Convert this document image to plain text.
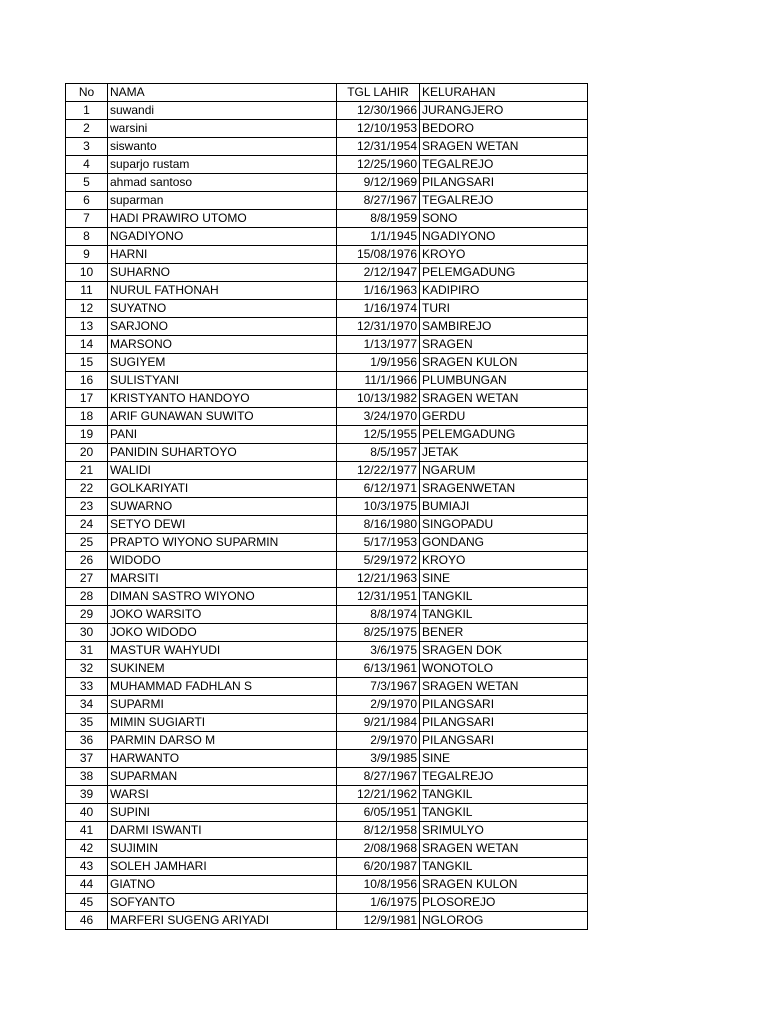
No	NAMA	TGL LAHIR	KELURAHAN
1	suwandi	12/30/1966	JURANGJERO
2	warsini	12/10/1953	BEDORO
3	siswanto	12/31/1954	SRAGEN WETAN
4	suparjo rustam	12/25/1960	TEGALREJO
5	ahmad santoso	9/12/1969	PILANGSARI
6	suparman	8/27/1967	TEGALREJO
7	HADI PRAWIRO UTOMO	8/8/1959	SONO
8	NGADIYONO	1/1/1945	NGADIYONO
9	HARNI	15/08/1976	KROYO
10	SUHARNO	2/12/1947	PELEMGADUNG
11	NURUL FATHONAH	1/16/1963	KADIPIRO
12	SUYATNO	1/16/1974	TURI
13	SARJONO	12/31/1970	SAMBIREJO
14	MARSONO	1/13/1977	SRAGEN
15	SUGIYEM	1/9/1956	SRAGEN KULON
16	SULISTYANI	11/1/1966	PLUMBUNGAN
17	KRISTYANTO HANDOYO	10/13/1982	SRAGEN WETAN
18	ARIF GUNAWAN SUWITO	3/24/1970	GERDU
19	PANI	12/5/1955	PELEMGADUNG
20	PANIDIN SUHARTOYO	8/5/1957	JETAK
21	WALIDI	12/22/1977	NGARUM
22	GOLKARIYATI	6/12/1971	SRAGENWETAN
23	SUWARNO	10/3/1975	BUMIAJI
24	SETYO DEWI	8/16/1980	SINGOPADU
25	PRAPTO WIYONO SUPARMIN	5/17/1953	GONDANG
26	WIDODO	5/29/1972	KROYO
27	MARSITI	12/21/1963	SINE
28	DIMAN SASTRO WIYONO	12/31/1951	TANGKIL
29	JOKO WARSITO	8/8/1974	TANGKIL
30	JOKO WIDODO	8/25/1975	BENER
31	MASTUR WAHYUDI	3/6/1975	SRAGEN DOK
32	SUKINEM	6/13/1961	WONOTOLO
33	MUHAMMAD FADHLAN S	7/3/1967	SRAGEN WETAN
34	SUPARMI	2/9/1970	PILANGSARI
35	MIMIN SUGIARTI	9/21/1984	PILANGSARI
36	PARMIN DARSO M	2/9/1970	PILANGSARI
37	HARWANTO	3/9/1985	SINE
38	SUPARMAN	8/27/1967	TEGALREJO
39	WARSI	12/21/1962	TANGKIL
40	SUPINI	6/05/1951	TANGKIL
41	DARMI ISWANTI	8/12/1958	SRIMULYO
42	SUJIMIN	2/08/1968	SRAGEN WETAN
43	SOLEH JAMHARI	6/20/1987	TANGKIL
44	GIATNO	10/8/1956	SRAGEN KULON
45	SOFYANTO	1/6/1975	PLOSOREJO
46	MARFERI SUGENG ARIYADI	12/9/1981	NGLOROG
